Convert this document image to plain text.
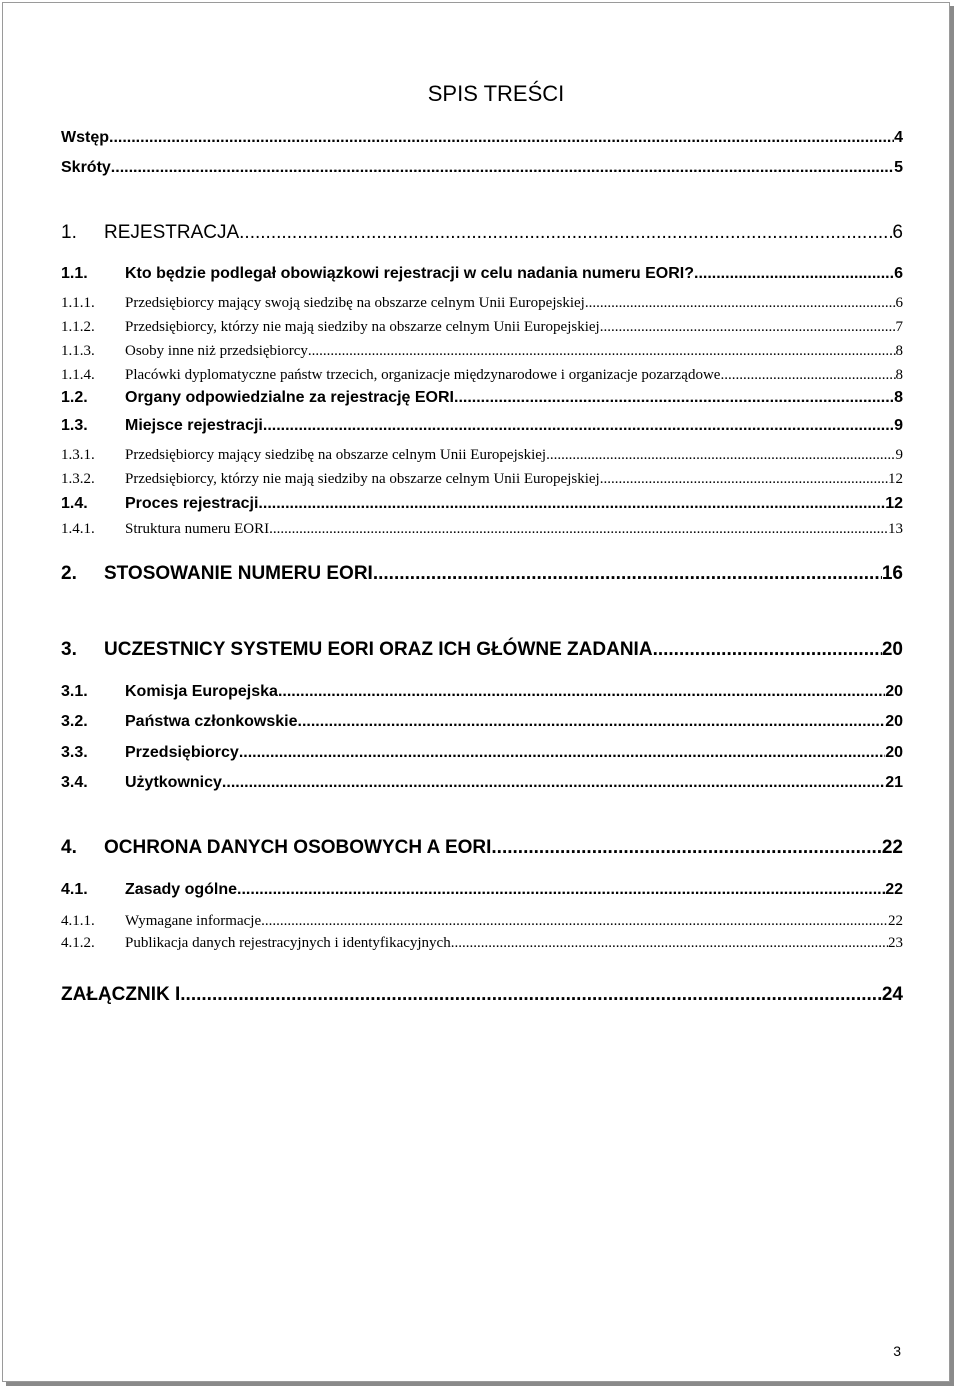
SPIS TREŚCI
Wstęp .....	4
Skróty .....	5
1.	REJESTRACJA .....	6
1.1.	Kto będzie podlegał obowiązkowi rejestracji w celu nadania numeru EORI? .....	6
1.1.1.	Przedsiębiorcy mający swoją siedzibę na obszarze celnym Unii Europejskiej .....	6
1.1.2.	Przedsiębiorcy, którzy nie mają siedziby na obszarze celnym Unii Europejskiej .....	7
1.1.3.	Osoby inne niż przedsiębiorcy .....	8
1.1.4.	Placówki dyplomatyczne państw trzecich, organizacje międzynarodowe i organizacje pozarządowe .....	8
1.2.	Organy odpowiedzialne za rejestrację EORI .....	8
1.3.	Miejsce rejestracji .....	9
1.3.1.	Przedsiębiorcy mający siedzibę na obszarze celnym Unii Europejskiej. .....	9
1.3.2.	Przedsiębiorcy, którzy nie mają siedziby na obszarze celnym Unii Europejskiej. .....	12
1.4.	Proces rejestracji .....	12
1.4.1.	Struktura numeru EORI .....	13
2.	STOSOWANIE NUMERU EORI .....	16
3.	UCZESTNICY SYSTEMU EORI ORAZ ICH GŁÓWNE ZADANIA .....	20
3.1.	Komisja Europejska .....	20
3.2.	Państwa członkowskie .....	20
3.3.	Przedsiębiorcy .....	20
3.4.	Użytkownicy .....	21
4.	OCHRONA DANYCH OSOBOWYCH A EORI .....	22
4.1.	Zasady ogólne .....	22
4.1.1.	Wymagane informacje .....	22
4.1.2.	Publikacja danych rejestracyjnych i identyfikacyjnych .....	23
ZAŁĄCZNIK I .....	24
3
